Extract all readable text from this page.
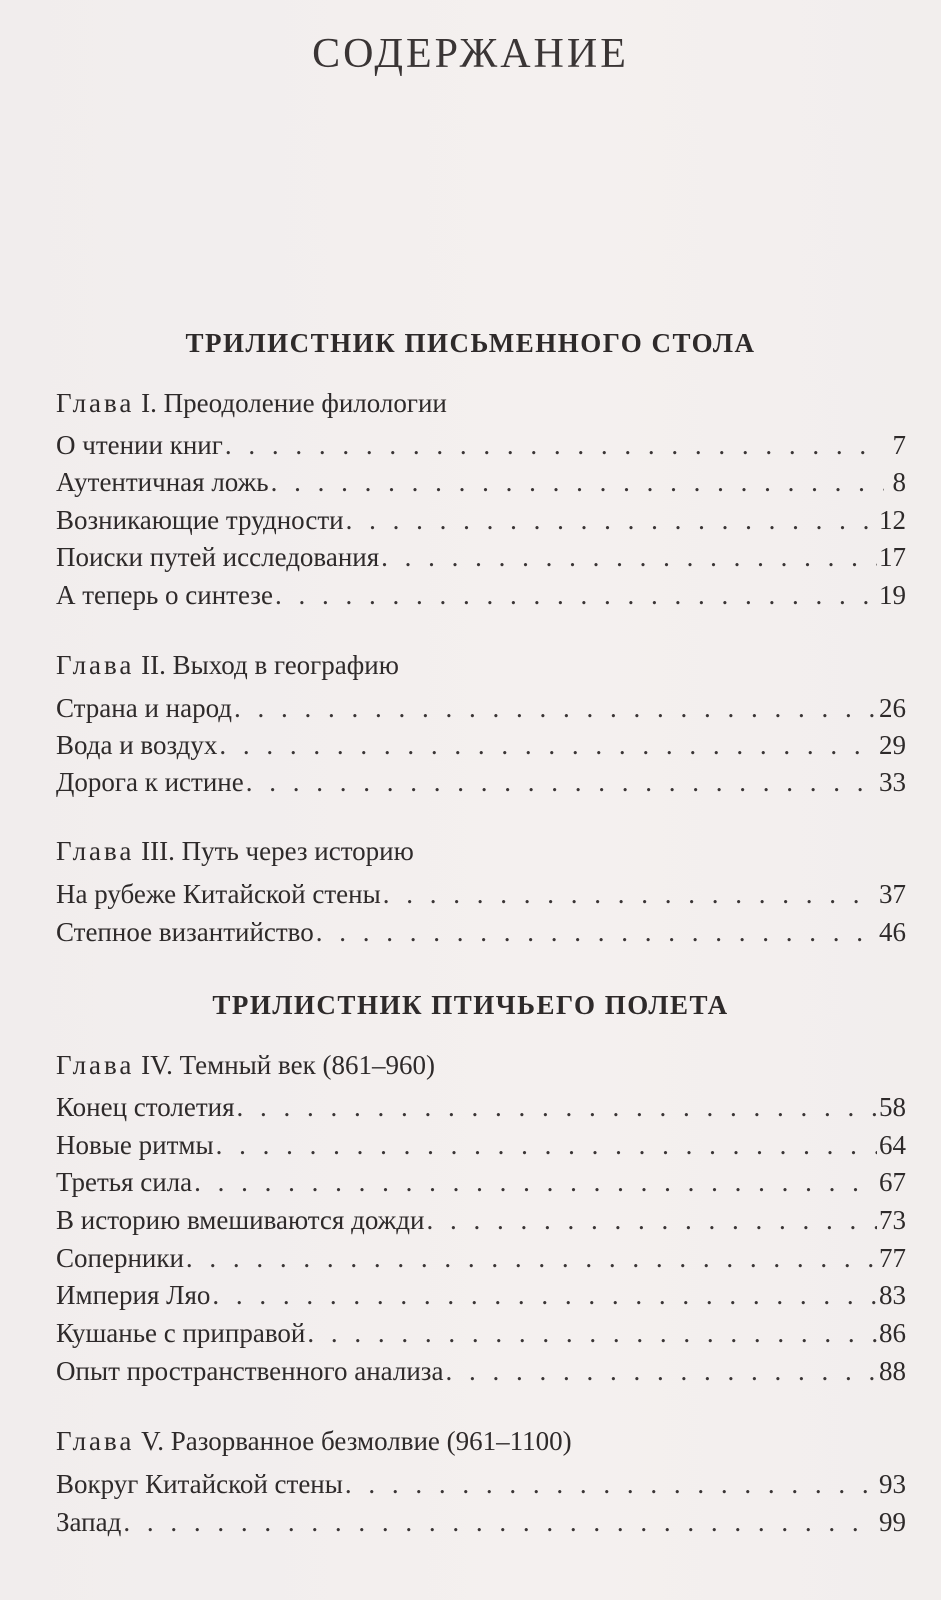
СОДЕРЖАНИЕ
ТРИЛИСТНИК ПИСЬМЕННОГО СТОЛА
Глава I. Преодоление филологии
О чтении книг . . .	7
Аутентичная ложь . . .	8
Возникающие трудности . . .	12
Поиски путей исследования . . .	17
А теперь о синтезе . . .	19
Глава II. Выход в географию
Страна и народ . . .	26
Вода и воздух . . .	29
Дорога к истине . . .	33
Глава III. Путь через историю
На рубеже Китайской стены . . .	37
Степное византийство . . .	46
ТРИЛИСТНИК ПТИЧЬЕГО ПОЛЕТА
Глава IV. Темный век (861–960)
Конец столетия . . .	58
Новые ритмы . . .	64
Третья сила . . .	67
В историю вмешиваются дожди . . .	73
Соперники . . .	77
Империя Ляо . . .	83
Кушанье с приправой . . .	86
Опыт пространственного анализа . . .	88
Глава V. Разорванное безмолвие (961–1100)
Вокруг Китайской стены . . .	93
Запад . . .	99
